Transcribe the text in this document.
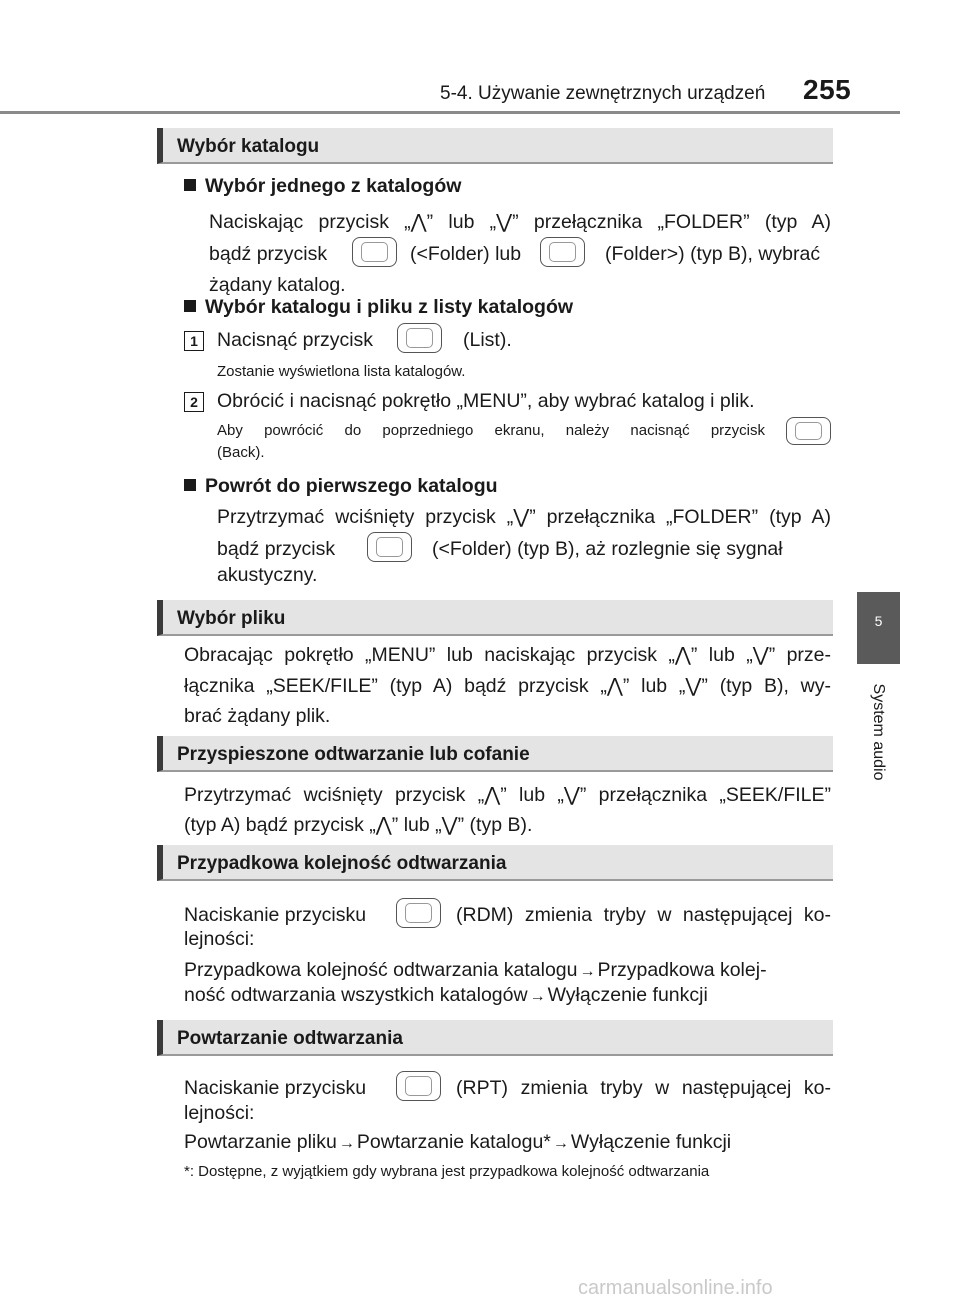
5-4. Używanie zewnętrznych urządzeń 255
5
System audio
Wybór katalogu
Wybór jednego z katalogów
Naciskając przycisk „⋀” lub „⋁” przełącznika „FOLDER” (typ A)
bądź przycisk	(<Folder) lub	(Folder>) (typ B), wybrać
żądany katalog.
Wybór katalogu i pliku z listy katalogów
1 Nacisnąć przycisk	(List).
Zostanie wyświetlona lista katalogów.
2 Obrócić i nacisnąć pokrętło „MENU”, aby wybrać katalog i plik.
Aby powrócić do poprzedniego ekranu, należy nacisnąć przycisk
(Back).
Powrót do pierwszego katalogu
Przytrzymać wciśnięty przycisk „⋁” przełącznika „FOLDER” (typ A)
bądź przycisk	(<Folder) (typ B), aż rozlegnie się sygnał
akustyczny.
Wybór pliku
Obracając pokrętło „MENU” lub naciskając przycisk „⋀” lub „⋁” prze-
łącznika „SEEK/FILE” (typ A) bądź przycisk „⋀” lub „⋁” (typ B), wy-
brać żądany plik.
Przyspieszone odtwarzanie lub cofanie
Przytrzymać wciśnięty przycisk „⋀” lub „⋁” przełącznika „SEEK/FILE”
(typ A) bądź przycisk „⋀” lub „⋁” (typ B).
Przypadkowa kolejność odtwarzania
Naciskanie przycisku	(RDM) zmienia tryby w następującej ko-
lejności:
Przypadkowa kolejność odtwarzania katalogu → Przypadkowa kolej-
ność odtwarzania wszystkich katalogów → Wyłączenie funkcji
Powtarzanie odtwarzania
Naciskanie przycisku	(RPT) zmienia tryby w następującej ko-
lejności:
Powtarzanie pliku → Powtarzanie katalogu* → Wyłączenie funkcji
*: Dostępne, z wyjątkiem gdy wybrana jest przypadkowa kolejność odtwarzania
carmanualsonline.info
